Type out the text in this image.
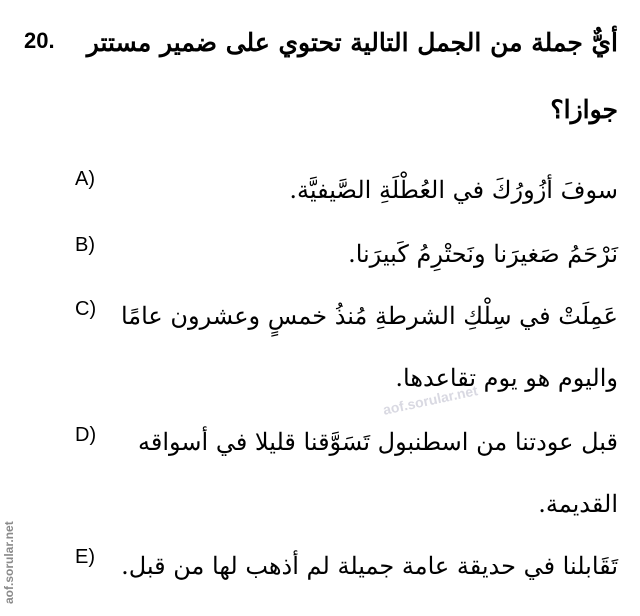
20. أيٌّ جملة من الجمل التالية تحتوي على ضمير مستتر
جوازا؟
A)	سوفَ أزُورُكَ في العُطْلَةِ الصَّيفيَّة.
B)	نَرْحَمُ صَغيرَنا ونَحتْرِمُ كَبيرَنا.
C) عَمِلَتْ في سِلْكِ الشرطةِ مُنذُ خمسٍ وعشرون عامًا
واليوم هو يوم تقاعدها.
D) قبل عودتنا من اسطنبول تَسَوَّقنا قليلا في أسواقه
القديمة.
E) تَقَابلنا في حديقة عامة جميلة لم أذهب لها من قبل.
aof.sorular.net
aof.sorular.net
